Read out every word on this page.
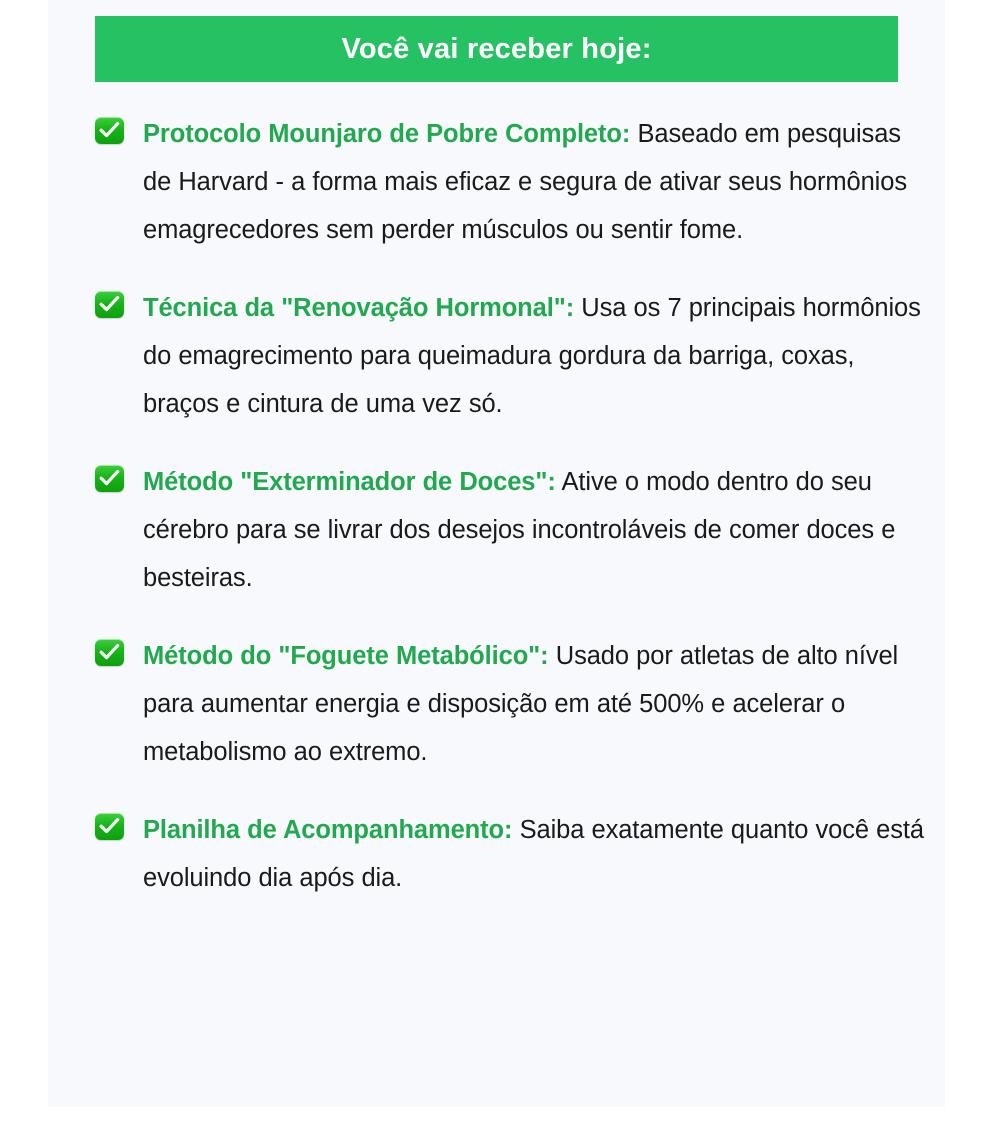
Você vai receber hoje:
Protocolo Mounjaro de Pobre Completo: Baseado em pesquisas de Harvard - a forma mais eficaz e segura de ativar seus hormônios emagrecedores sem perder músculos ou sentir fome.
Técnica da "Renovação Hormonal": Usa os 7 principais hormônios do emagrecimento para queimadura gordura da barriga, coxas, braços e cintura de uma vez só.
Método "Exterminador de Doces": Ative o modo dentro do seu cérebro para se livrar dos desejos incontroláveis de comer doces e besteiras.
Método do "Foguete Metabólico": Usado por atletas de alto nível para aumentar energia e disposição em até 500% e acelerar o metabolismo ao extremo.
Planilha de Acompanhamento: Saiba exatamente quanto você está evoluindo dia após dia.
